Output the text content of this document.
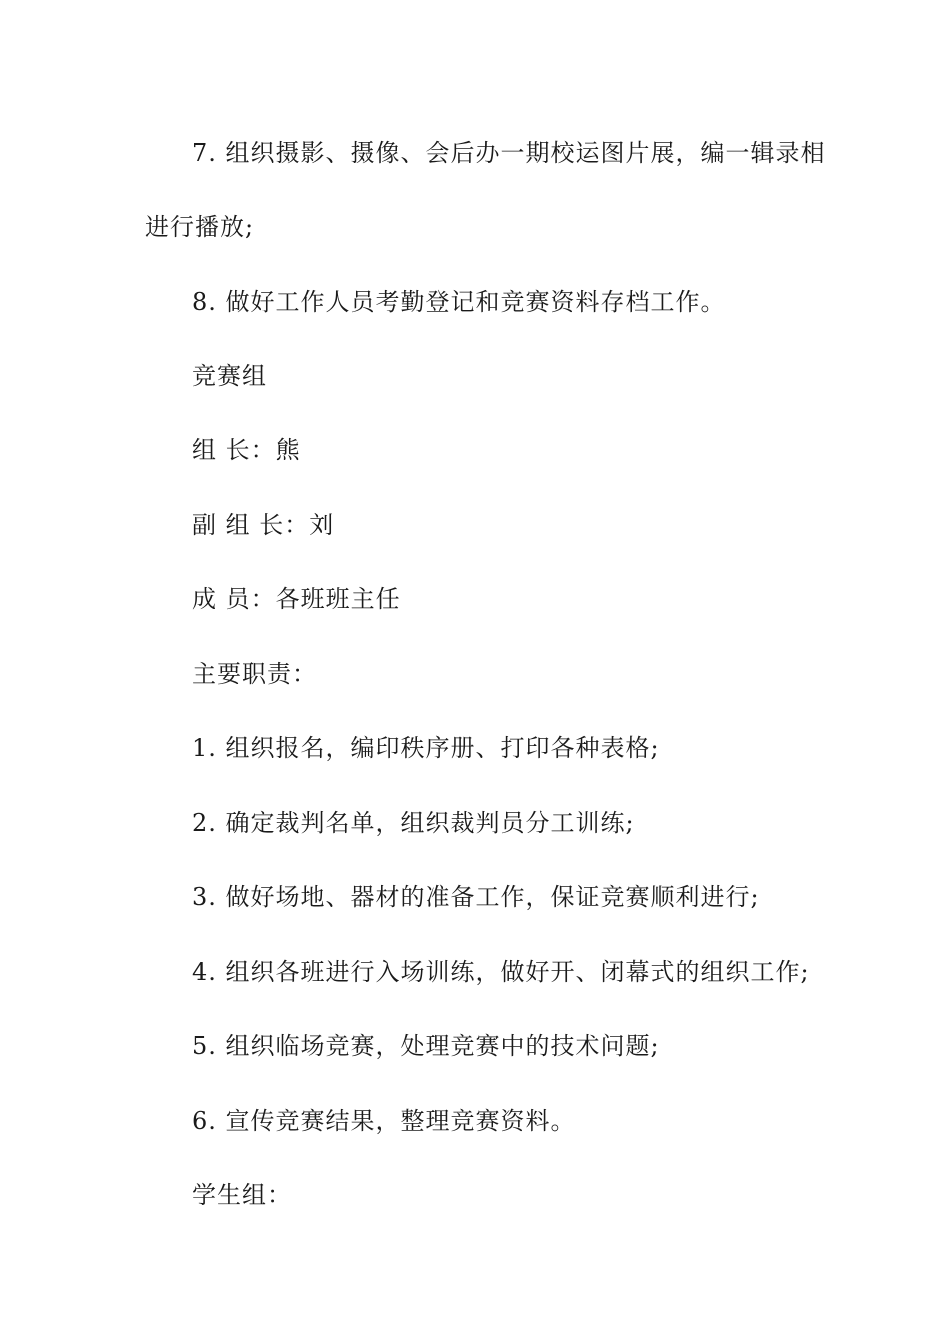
7. 组织摄影、摄像、会后办一期校运图片展，编一辑录相
进行播放;
8. 做好工作人员考勤登记和竞赛资料存档工作。
竞赛组
组 长：熊
副 组 长：刘
成 员：各班班主任
主要职责：
1. 组织报名，编印秩序册、打印各种表格;
2. 确定裁判名单，组织裁判员分工训练;
3. 做好场地、器材的准备工作，保证竞赛顺利进行;
4. 组织各班进行入场训练，做好开、闭幕式的组织工作;
5. 组织临场竞赛，处理竞赛中的技术问题;
6. 宣传竞赛结果，整理竞赛资料。
学生组：
